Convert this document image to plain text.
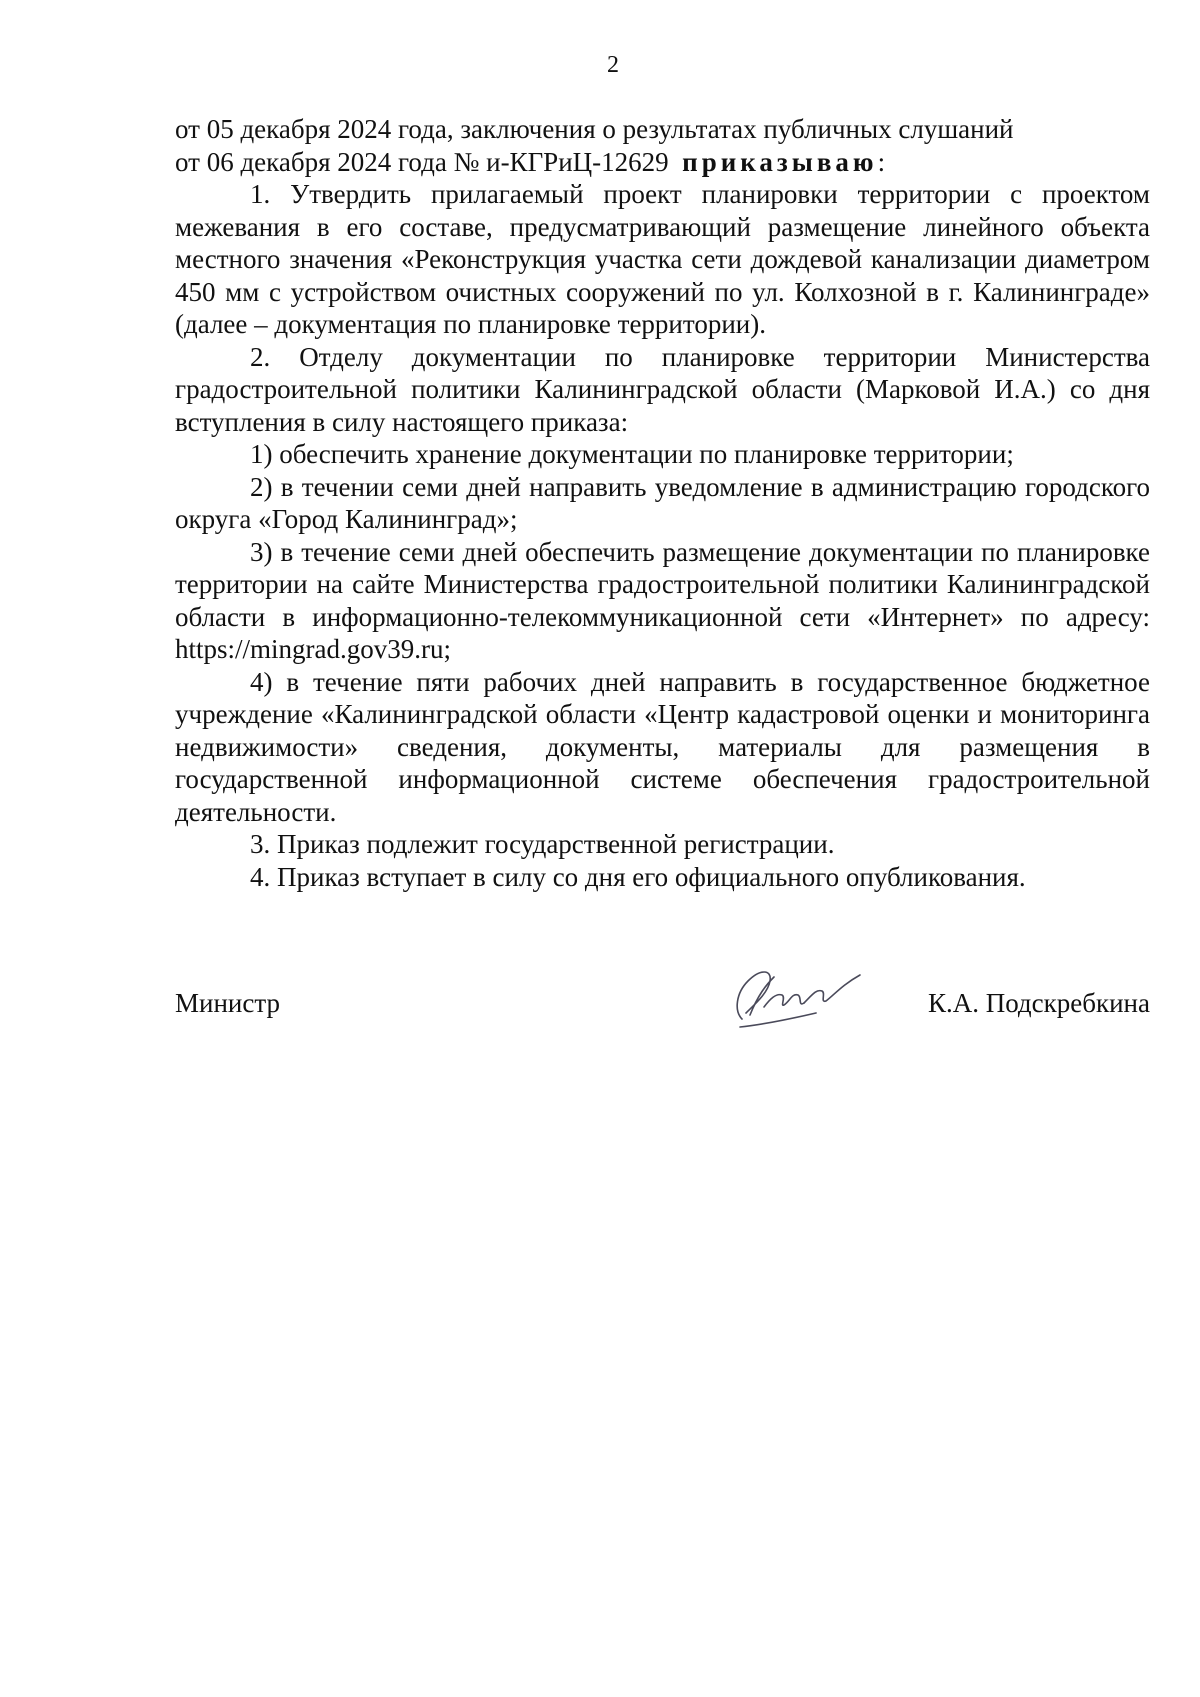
2

от 05 декабря 2024 года, заключения о результатах публичных слушаний

от 06 декабря 2024 года № и-КГРиЦ-12629 приказываю:

1. Утвердить прилагаемый проект планировки территории с проектом межевания в его составе, предусматривающий размещение линейного объекта местного значения «Реконструкция участка сети дождевой канализации диаметром 450 мм с устройством очистных сооружений по ул. Колхозной в г. Калининграде» (далее – документация по планировке территории).

2. Отделу документации по планировке территории Министерства градостроительной политики Калининградской области (Марковой И.А.) со дня вступления в силу настоящего приказа:

1) обеспечить хранение документации по планировке территории;

2) в течении семи дней направить уведомление в администрацию городского округа «Город Калининград»;

3) в течение семи дней обеспечить размещение документации по планировке территории на сайте Министерства градостроительной политики Калининградской области в информационно-телекоммуникационной сети «Интернет» по адресу: https://mingrad.gov39.ru;

4) в течение пяти рабочих дней направить в государственное бюджетное учреждение «Калининградской области «Центр кадастровой оценки и мониторинга недвижимости» сведения, документы, материалы для размещения в государственной информационной системе обеспечения градостроительной деятельности.

3. Приказ подлежит государственной регистрации.

4. Приказ вступает в силу со дня его официального опубликования.

Министр	К.А. Подскребкина
